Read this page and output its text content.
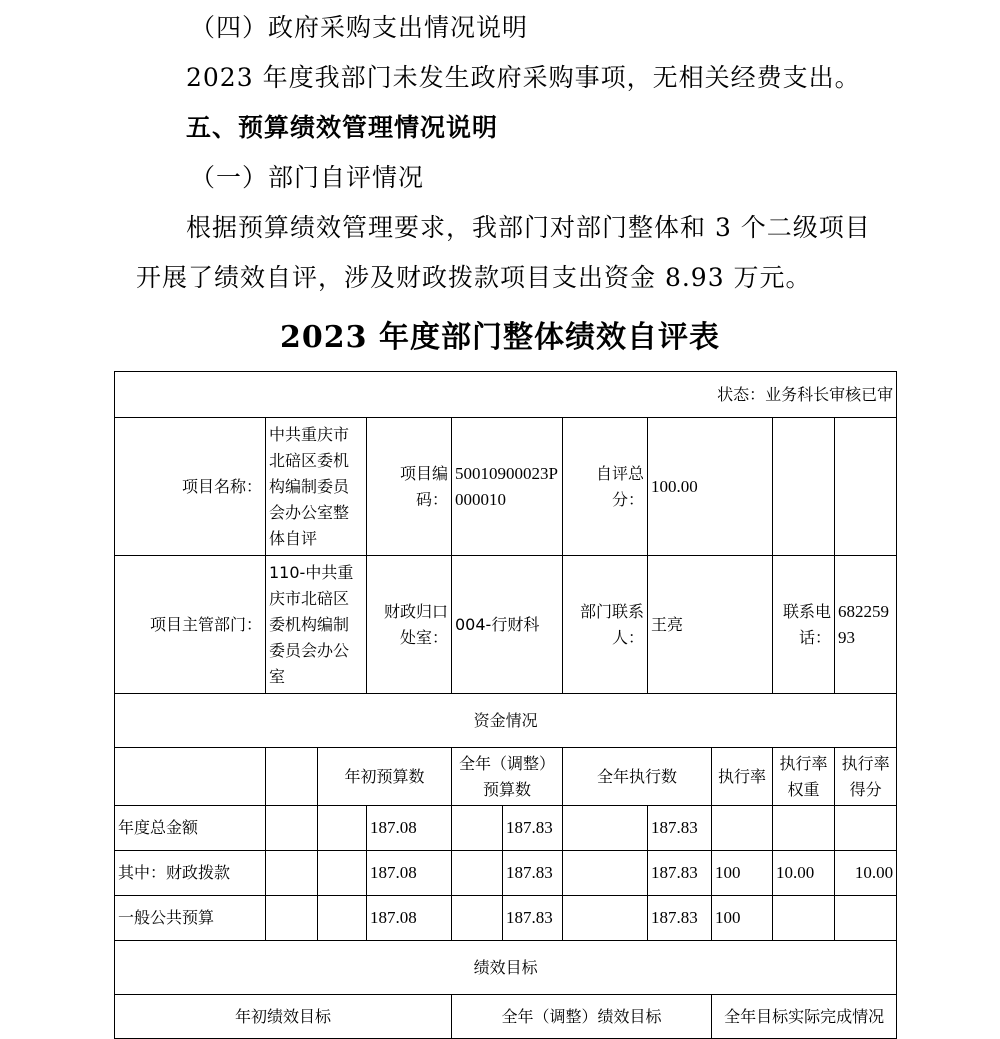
（四）政府采购支出情况说明
2023 年度我部门未发生政府采购事项，无相关经费支出。
五、预算绩效管理情况说明
（一）部门自评情况
根据预算绩效管理要求，我部门对部门整体和 3 个二级项目
开展了绩效自评，涉及财政拨款项目支出资金 8.93 万元。
2023 年度部门整体绩效自评表
状态：业务科长审核已审										
项目名称：	中共重庆市北碚区委机构编制委员会办公室整体自评		项目编码：	50010900023P000010		自评总分：	100.00			
项目主管部门：	110-中共重庆市北碚区委机构编制委员会办公室		财政归口处室：	004-行财科		部门联系人：	王亮		联系电话：	68225993
资金情况										
		年初预算数		全年（调整）预算数		全年执行数		执行率	执行率权重	执行率得分
年度总金额			187.08		187.83		187.83			
其中：财政拨款			187.08		187.83		187.83	100	10.00	10.00
一般公共预算			187.08		187.83		187.83	100		
绩效目标										
年初绩效目标				全年（调整）绩效目标				全年目标实际完成情况		
